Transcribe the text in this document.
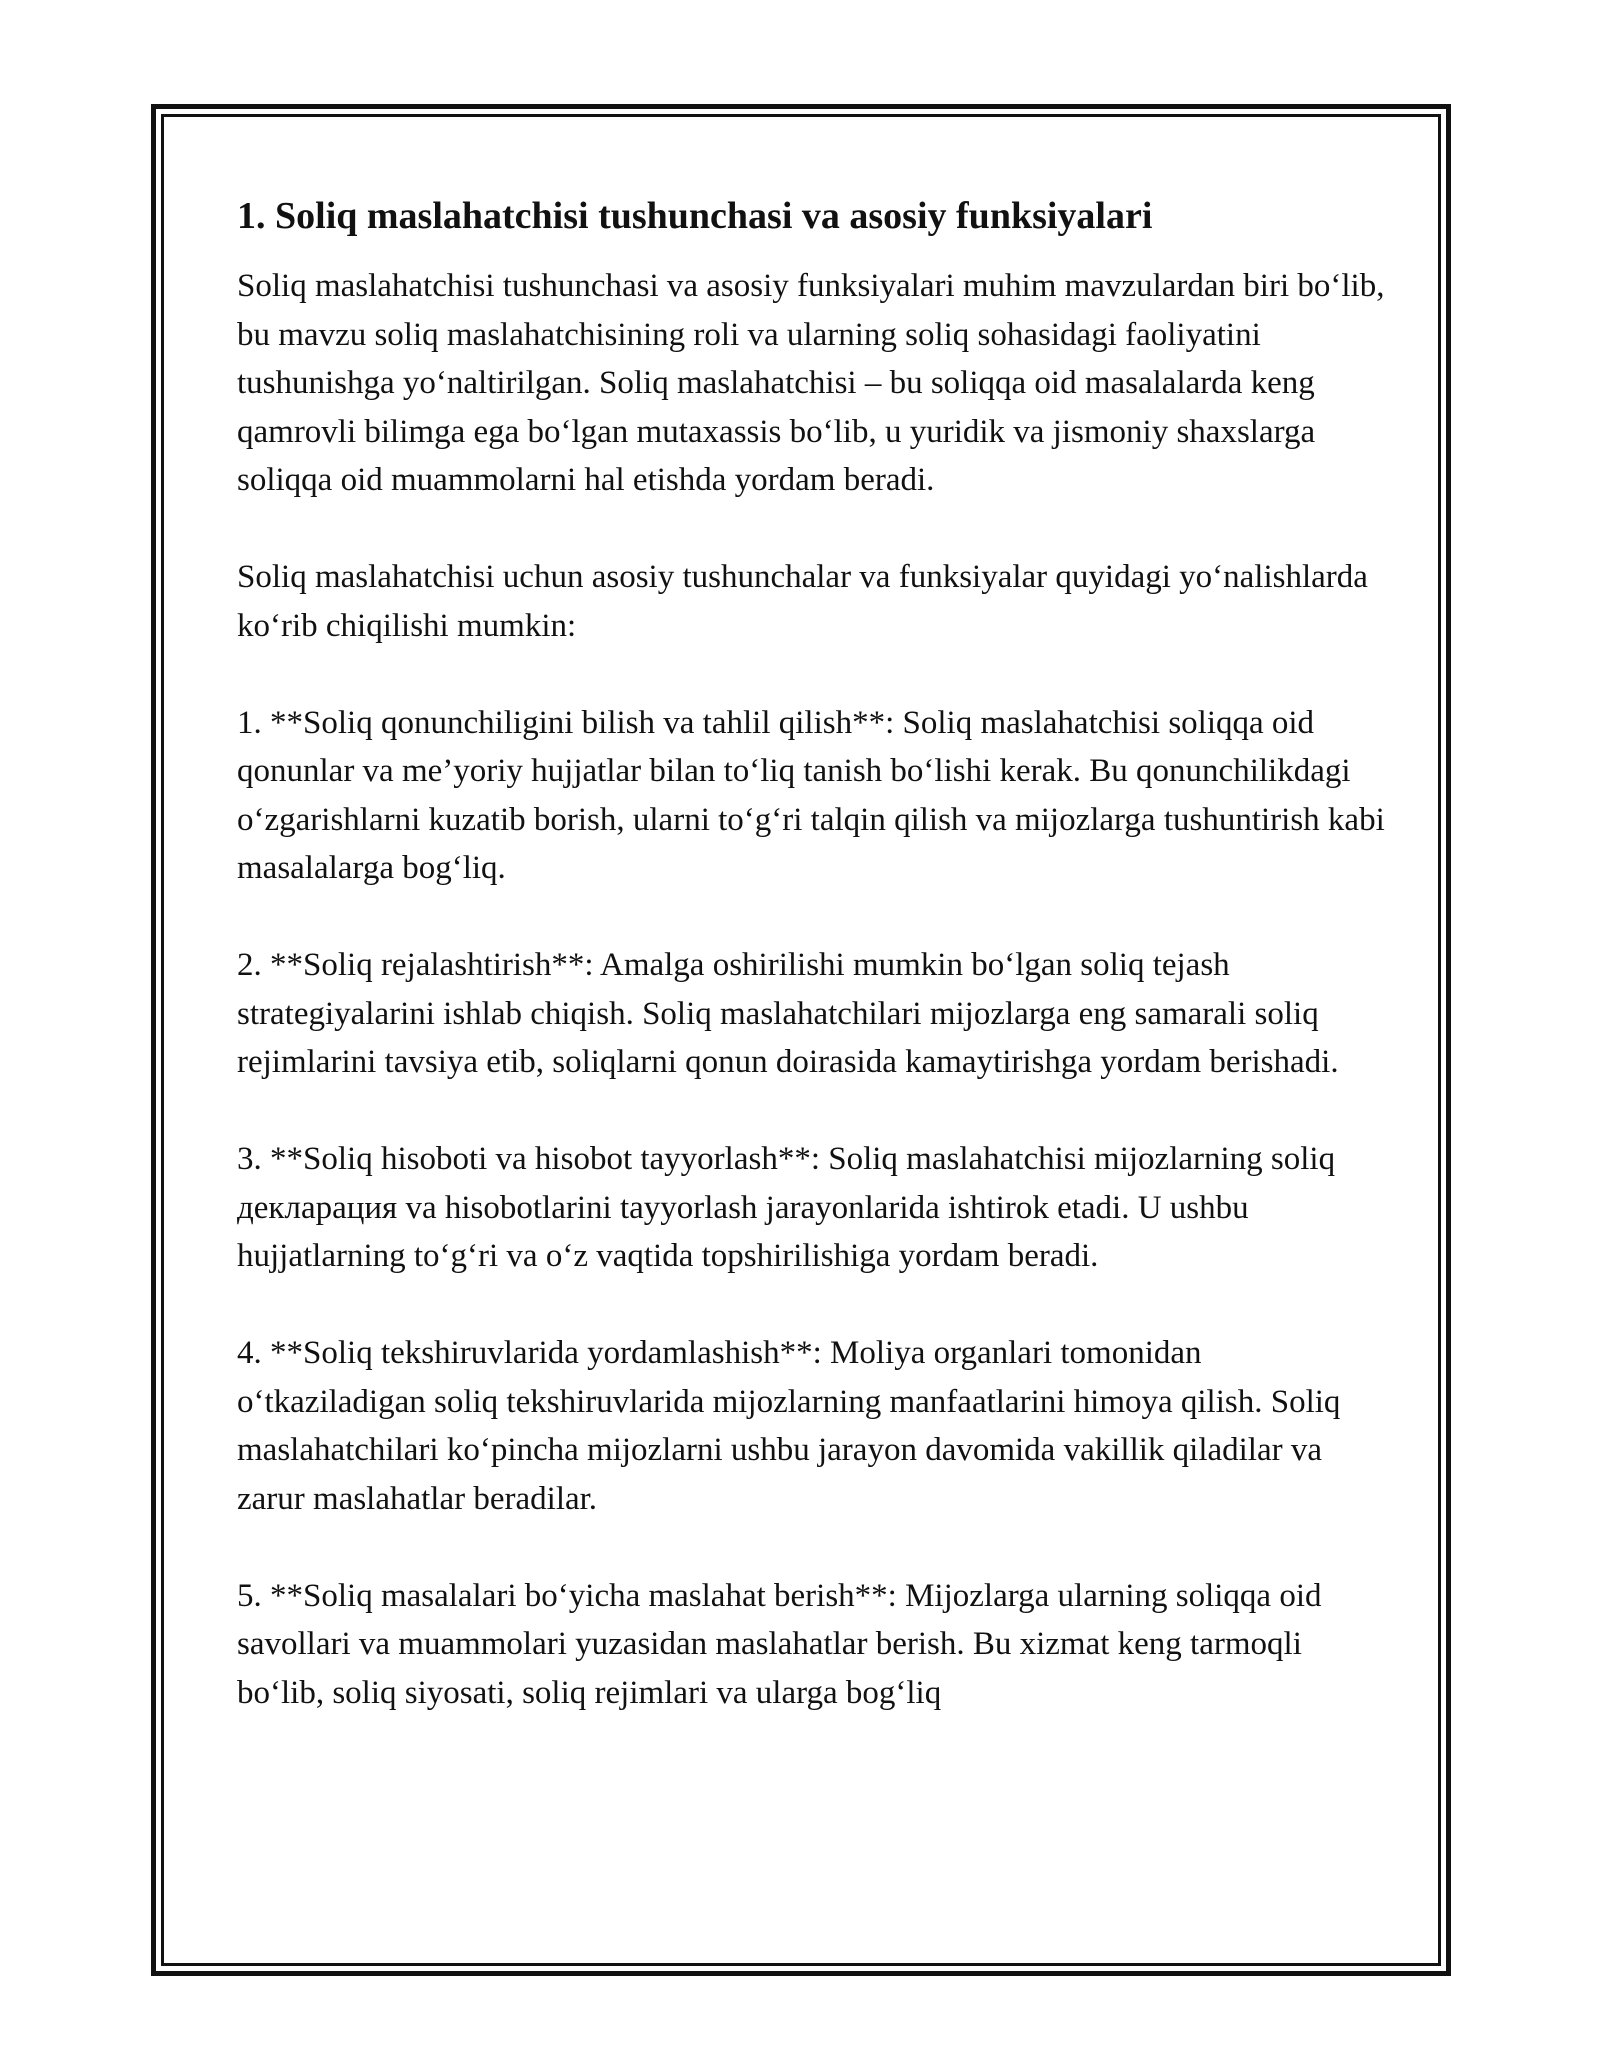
1. Soliq maslahatchisi tushunchasi va asosiy funksiyalari

Soliq maslahatchisi tushunchasi va asosiy funksiyalari muhim mavzulardan biri bo‘lib, bu mavzu soliq maslahatchisining roli va ularning soliq sohasidagi faoliyatini tushunishga yo‘naltirilgan. Soliq maslahatchisi – bu soliqqa oid masalalarda keng qamrovli bilimga ega bo‘lgan mutaxassis bo‘lib, u yuridik va jismoniy shaxslarga soliqqa oid muammolarni hal etishda yordam beradi.

Soliq maslahatchisi uchun asosiy tushunchalar va funksiyalar quyidagi yo‘nalishlarda ko‘rib chiqilishi mumkin:

1. **Soliq qonunchiligini bilish va tahlil qilish**: Soliq maslahatchisi soliqqa oid qonunlar va me’yoriy hujjatlar bilan to‘liq tanish bo‘lishi kerak. Bu qonunchilikdagi o‘zgarishlarni kuzatib borish, ularni to‘g‘ri talqin qilish va mijozlarga tushuntirish kabi masalalarga bog‘liq.

2. **Soliq rejalashtirish**: Amalga oshirilishi mumkin bo‘lgan soliq tejash strategiyalarini ishlab chiqish. Soliq maslahatchilari mijozlarga eng samarali soliq rejimlarini tavsiya etib, soliqlarni qonun doirasida kamaytirishga yordam berishadi.

3. **Soliq hisoboti va hisobot tayyorlash**: Soliq maslahatchisi mijozlarning soliq декларация va hisobotlarini tayyorlash jarayonlarida ishtirok etadi. U ushbu hujjatlarning to‘g‘ri va o‘z vaqtida topshirilishiga yordam beradi.

4. **Soliq tekshiruvlarida yordamlashish**: Moliya organlari tomonidan o‘tkaziladigan soliq tekshiruvlarida mijozlarning manfaatlarini himoya qilish. Soliq maslahatchilari ko‘pincha mijozlarni ushbu jarayon davomida vakillik qiladilar va zarur maslahatlar beradilar.

5. **Soliq masalalari bo‘yicha maslahat berish**: Mijozlarga ularning soliqqa oid savollari va muammolari yuzasidan maslahatlar berish. Bu xizmat keng tarmoqli bo‘lib, soliq siyosati, soliq rejimlari va ularga bog‘liq
